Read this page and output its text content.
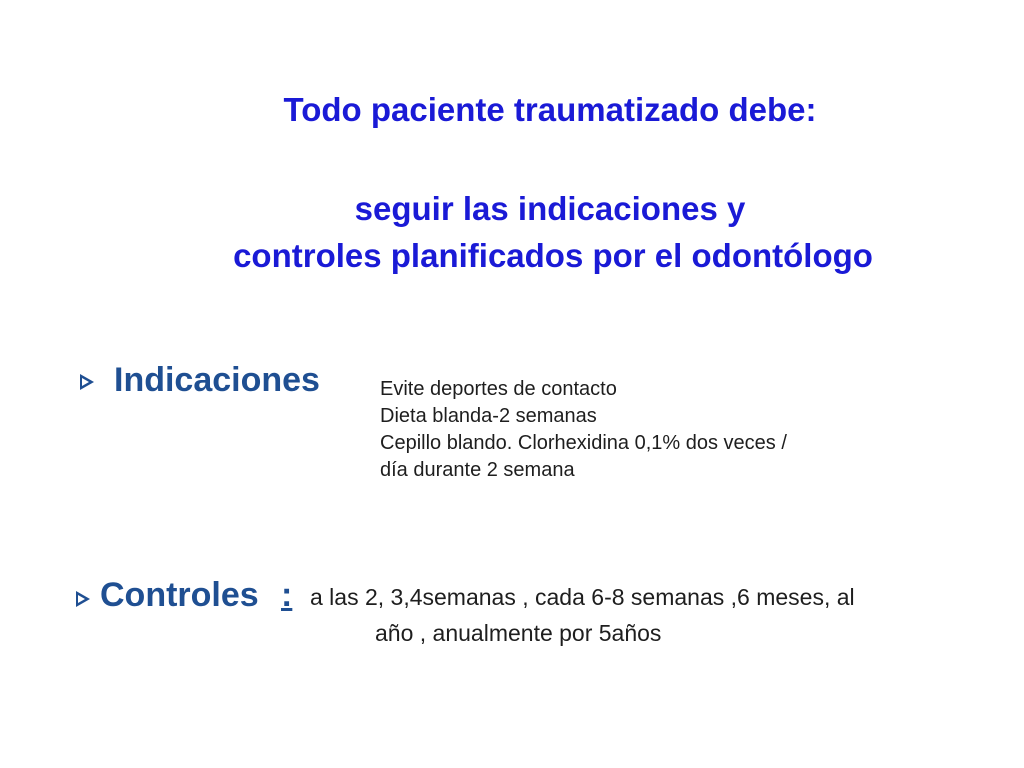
Todo paciente traumatizado debe:
seguir las indicaciones y
controles planificados por el odontólogo
Indicaciones	Evite deportes de contacto
Dieta blanda-2 semanas
Cepillo blando. Clorhexidina 0,1% dos veces /
día durante 2 semana
Controles : a las 2, 3,4semanas , cada 6-8 semanas ,6 meses, al
año , anualmente por 5años
